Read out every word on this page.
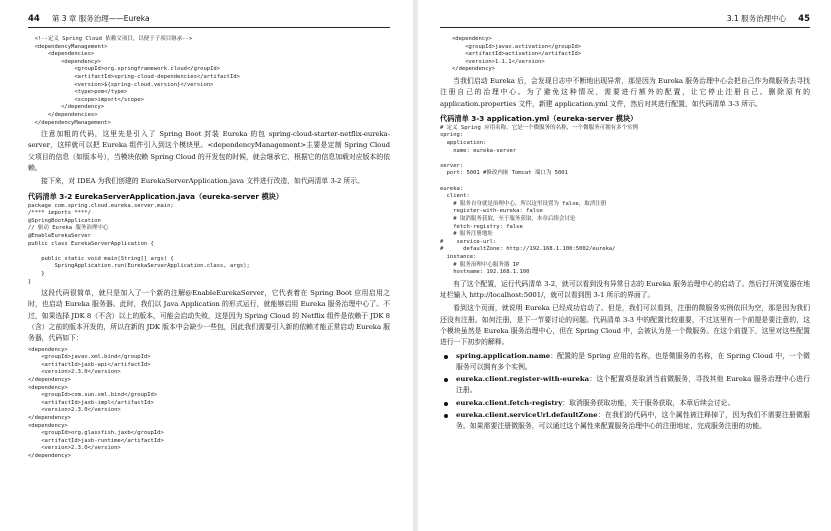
44 第 3 章 服务治理——Eureka
<!--定义 Spring Cloud 依赖父项目，以便于子项目继承-->
<dependencyManagement>
<dependencies>
<dependency>
<groupId>org.springframework.cloud</groupId>
<artifactId>spring-cloud-dependencies</artifactId>
<version>${spring-cloud.version}</version>
<type>pom</type>
<scope>import</scope>
</dependency>
</dependencies>
</dependencyManagement>

注意加粗的代码，这里先是引入了 Spring Boot 封装 Eureka 的包 spring-cloud-starter-netflix-eureka-server，这样就可以把 Eureka 组件引入到这个模块里。<dependencyManagement>主要是定制 Spring Cloud 父项目的信息（如版本号），当模块依赖 Spring Cloud 的开发包的时候，就会继承它，根据它的信息加载对应版本的依赖。

接下来，对 IDEA 为我们创建的 EurekaServerApplication.java 文件进行改造，如代码清单 3-2 所示。

代码清单 3-2 EurekaServerApplication.java（eureka-server 模块）
package com.spring.cloud.eureka.server.main;
/**** imports ****/
@SpringBootApplication
// 驱动 Eureka 服务治理中心
@EnableEurekaServer
public class EurekaServerApplication {

public static void main(String[] args) {
SpringApplication.run(EurekaServerApplication.class, args);
}
}

这段代码很简单，就只是加入了一个新的注解@EnableEurekaServer，它代表着在 Spring Boot 应用启用之时，也启动 Eureka 服务器。此时，我们以 Java Application 的形式运行，就能够启用 Eureka 服务治理中心了。不过，如果选择 JDK 8（不含）以上的版本，可能会启动失败，这是因为 Spring Cloud 的 Netflix 组件是依赖于 JDK 8（含）之前的版本开发的，所以在新的 JDK 版本中会缺少一些包，因此我们需要引入新的依赖才能正常启动 Eureka 服务器，代码如下：

<dependency>
<groupId>javax.xml.bind</groupId>
<artifactId>jaxb-api</artifactId>
<version>2.3.0</version>
</dependency>
<dependency>
<groupId>com.sun.xml.bind</groupId>
<artifactId>jaxb-impl</artifactId>
<version>2.3.0</version>
</dependency>
<dependency>
<groupId>org.glassfish.jaxb</groupId>
<artifactId>jaxb-runtime</artifactId>
<version>2.3.0</version>
</dependency>
3.1 服务治理中心 45
<dependency>
<groupId>javax.activation</groupId>
<artifactId>activation</artifactId>
<version>1.1.1</version>
</dependency>

当我们启动 Eureka 后，会发现日志中不断地出现异常，那是因为 Eureka 服务治理中心会把自己作为微服务去寻找注册自己的治理中心。为了避免这种情况，需要进行额外的配置，让它停止注册自己。删除原有的 application.properties 文件，新建 application.yml 文件，然后对其进行配置，如代码清单 3-3 所示。

代码清单 3-3 application.yml（eureka-server 模块）
# 定义 Spring 应用名称，它是一个微服务的名称，一个微服务可拥有多个实例
spring:
application:
name: eureka-server

server:
port: 5001 #修改内嵌 Tomcat 端口为 5001

eureka:
client:
# 服务自身就是治理中心，所以这里设置为 false，取消注册
register-with-eureka: false
# 取消服务获取，至于服务获取，本章后续会讨论
fetch-registry: false
# 服务注册地址
#    service-url:
#      defaultZone: http://192.168.1.100:5002/eureka/
instance:
# 服务治理中心服务器 IP
hostname: 192.168.1.100

有了这个配置，运行代码清单 3-2，就可以看到没有异常日志的 Eureka 服务治理中心的启动了。然后打开浏览器在地址栏输入 http://localhost:5001/，就可以看到图 3-1 所示的界面了。

看到这个页面，就说明 Eureka 已经成功启动了。但是，我们可以看到，注册的微服务实例依旧为空，那是因为我们还没有注册。如何注册，是下一节要讨论的问题。代码清单 3-3 中的配置比较重要，不过这里有一个前提是要注意的，这个模块虽然是 Eureka 服务治理中心，但在 Spring Cloud 中，会被认为是一个微服务。在这个前提下，这里对这些配置进行一下初步的解释。

spring.application.name：配置的是 Spring 应用的名称，也是微服务的名称，在 Spring Cloud 中，一个微服务可以拥有多个实例。
eureka.client.register-with-eureka：这个配置项是取消当前微服务，寻找其他 Eureka 服务治理中心进行注册。
eureka.client.fetch-registry：取消服务获取功能，关于服务获取，本章后续会讨论。
eureka.client.serviceUrl.defaultZone：在我们的代码中，这个属性被注释掉了，因为我们不需要注册微服务。如果需要注册微服务，可以通过这个属性来配置服务治理中心的注册地址，完成服务注册的功能。
